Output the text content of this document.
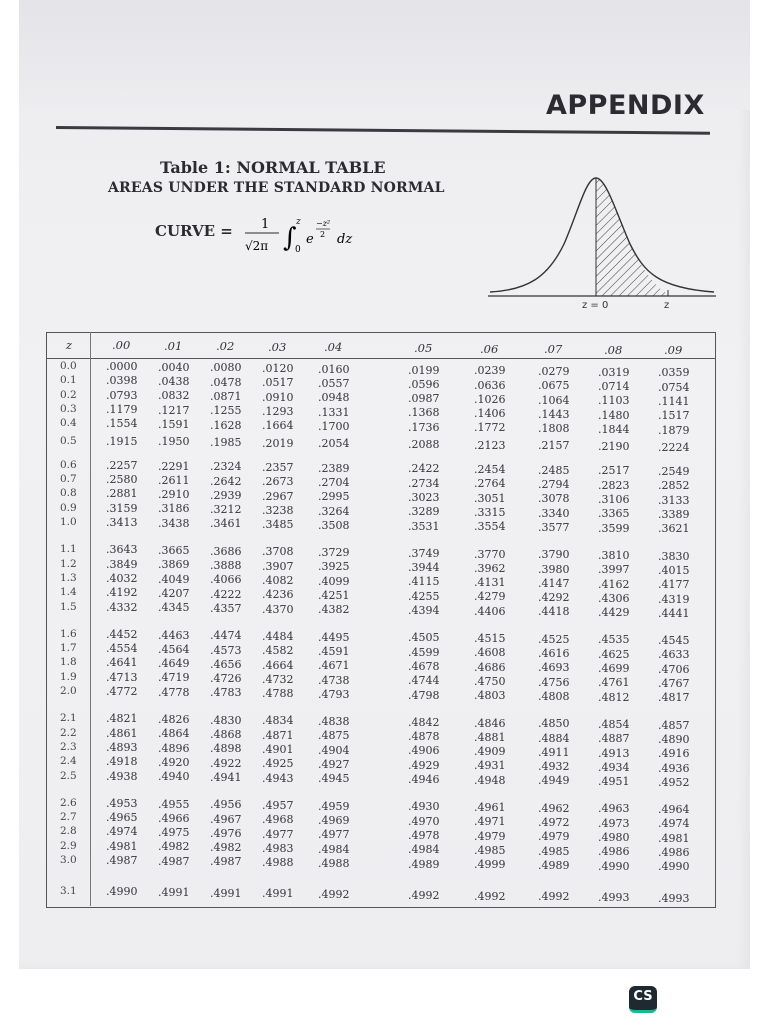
APPENDIX
Table 1: NORMAL TABLE
AREAS UNDER THE STANDARD NORMAL
CURVE = 1
√2π ∫
z
0
e
−z²
2 dz
z = 0	z
z	.00	.01	.02	.03	.04	.05	.06	.07	.08	.09
0.0	.0000 .0040 .0080 .0120 .0160	.0199	.0239	.0279	.0319	.0359
0.1	.0398 .0438 .0478 .0517 .0557	.0596	.0636	.0675	.0714	.0754
0.2	.0793 .0832 .0871 .0910 .0948	.0987	.1026	.1064	.1103	.1141
0.3	.1179 .1217 .1255 .1293 .1331	.1368	.1406	.1443	.1480	.1517
0.4	.1554 .1591 .1628 .1664 .1700	.1736	.1772	.1808	.1844	.1879
0.5	.1915 .1950 .1985 .2019 .2054	.2088	.2123	.2157	.2190	.2224
0.6	.2257 .2291 .2324 .2357 .2389	.2422	.2454	.2485	.2517	.2549
0.7	.2580 .2611 .2642 .2673 .2704	.2734	.2764	.2794	.2823	.2852
0.8	.2881 .2910 .2939 .2967 .2995	.3023	.3051	.3078	.3106	.3133
0.9	.3159 .3186 .3212 .3238 .3264	.3289	.3315	.3340	.3365	.3389
1.0	.3413 .3438 .3461 .3485 .3508	.3531	.3554	.3577	.3599	.3621
1.1	.3643 .3665 .3686 .3708 .3729	.3749	.3770	.3790	.3810	.3830
1.2	.3849 .3869 .3888 .3907 .3925	.3944	.3962	.3980	.3997	.4015
1.3	.4032 .4049 .4066 .4082 .4099	.4115	.4131	.4147	.4162	.4177
1.4	.4192 .4207 .4222 .4236 .4251	.4255	.4279	.4292	.4306	.4319
1.5	.4332 .4345 .4357 .4370 .4382	.4394	.4406	.4418	.4429	.4441
1.6	.4452 .4463 .4474 .4484 .4495	.4505	.4515	.4525	.4535	.4545
1.7	.4554 .4564 .4573 .4582 .4591	.4599	.4608	.4616	.4625	.4633
1.8	.4641 .4649 .4656 .4664 .4671	.4678	.4686	.4693	.4699	.4706
1.9	.4713 .4719 .4726 .4732 .4738	.4744	.4750	.4756	.4761	.4767
2.0	.4772 .4778 .4783 .4788 .4793	.4798	.4803	.4808	.4812	.4817
2.1	.4821 .4826 .4830 .4834 .4838	.4842	.4846	.4850	.4854	.4857
2.2	.4861 .4864 .4868 .4871 .4875	.4878	.4881	.4884	.4887	.4890
2.3	.4893 .4896 .4898 .4901 .4904	.4906	.4909	.4911	.4913	.4916
2.4	.4918 .4920 .4922 .4925 .4927	.4929	.4931	.4932	.4934	.4936
2.5	.4938 .4940 .4941 .4943 .4945	.4946	.4948	.4949	.4951	.4952
2.6	.4953 .4955 .4956 .4957 .4959	.4930	.4961	.4962	.4963	.4964
2.7	.4965 .4966 .4967 .4968 .4969	.4970	.4971	.4972	.4973	.4974
2.8	.4974 .4975 .4976 .4977 .4977	.4978	.4979	.4979	.4980	.4981
2.9	.4981 .4982 .4982 .4983 .4984	.4984	.4985	.4985	.4986	.4986
3.0	.4987 .4987 .4987 .4988 .4988	.4989	.4999	.4989	.4990	.4990
3.1	.4990 .4991 .4991 .4991 .4992	.4992	.4992	.4992	.4993	.4993
CS
